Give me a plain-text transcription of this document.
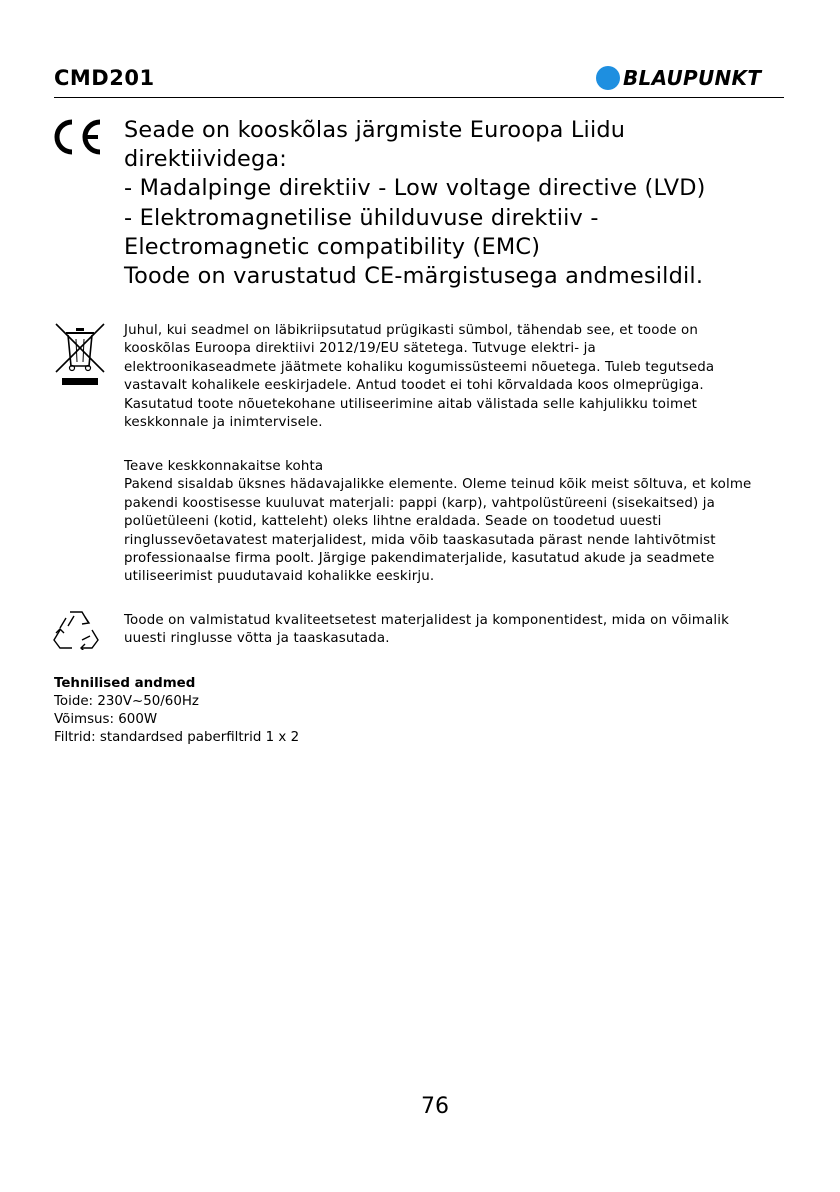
CMD201	BLAUPUNKT
Seade on kooskõlas järgmiste Euroopa Liidu
direktiividega:
- Madalpinge direktiiv - Low voltage directive (LVD)
- Elektromagnetilise ühilduvuse direktiiv -
Electromagnetic compatibility (EMC)
Toode on varustatud CE-märgistusega andmesildil.
Juhul, kui seadmel on läbikriipsutatud prügikasti sümbol, tähendab see, et toode on
kooskõlas Euroopa direktiivi 2012/19/EU sätetega. Tutvuge elektri- ja
elektroonikaseadmete jäätmete kohaliku kogumissüsteemi nõuetega. Tuleb tegutseda
vastavalt kohalikele eeskirjadele. Antud toodet ei tohi kõrvaldada koos olmeprügiga.
Kasutatud toote nõuetekohane utiliseerimine aitab välistada selle kahjulikku toimet
keskkonnale ja inimtervisele.
Teave keskkonnakaitse kohta
Pakend sisaldab üksnes hädavajalikke elemente. Oleme teinud kõik meist sõltuva, et kolme
pakendi koostisesse kuuluvat materjali: pappi (karp), vahtpolüstüreeni (sisekaitsed) ja
polüetüleeni (kotid, katteleht) oleks lihtne eraldada. Seade on toodetud uuesti
ringlussevõetavatest materjalidest, mida võib taaskasutada pärast nende lahtivõtmist
professionaalse firma poolt. Järgige pakendimaterjalide, kasutatud akude ja seadmete
utiliseerimist puudutavaid kohalikke eeskirju.
Toode on valmistatud kvaliteetsetest materjalidest ja komponentidest, mida on võimalik
uuesti ringlusse võtta ja taaskasutada.
Tehnilised andmed
Toide: 230V~50/60Hz
Võimsus: 600W
Filtrid: standardsed paberfiltrid 1 x 2
76
